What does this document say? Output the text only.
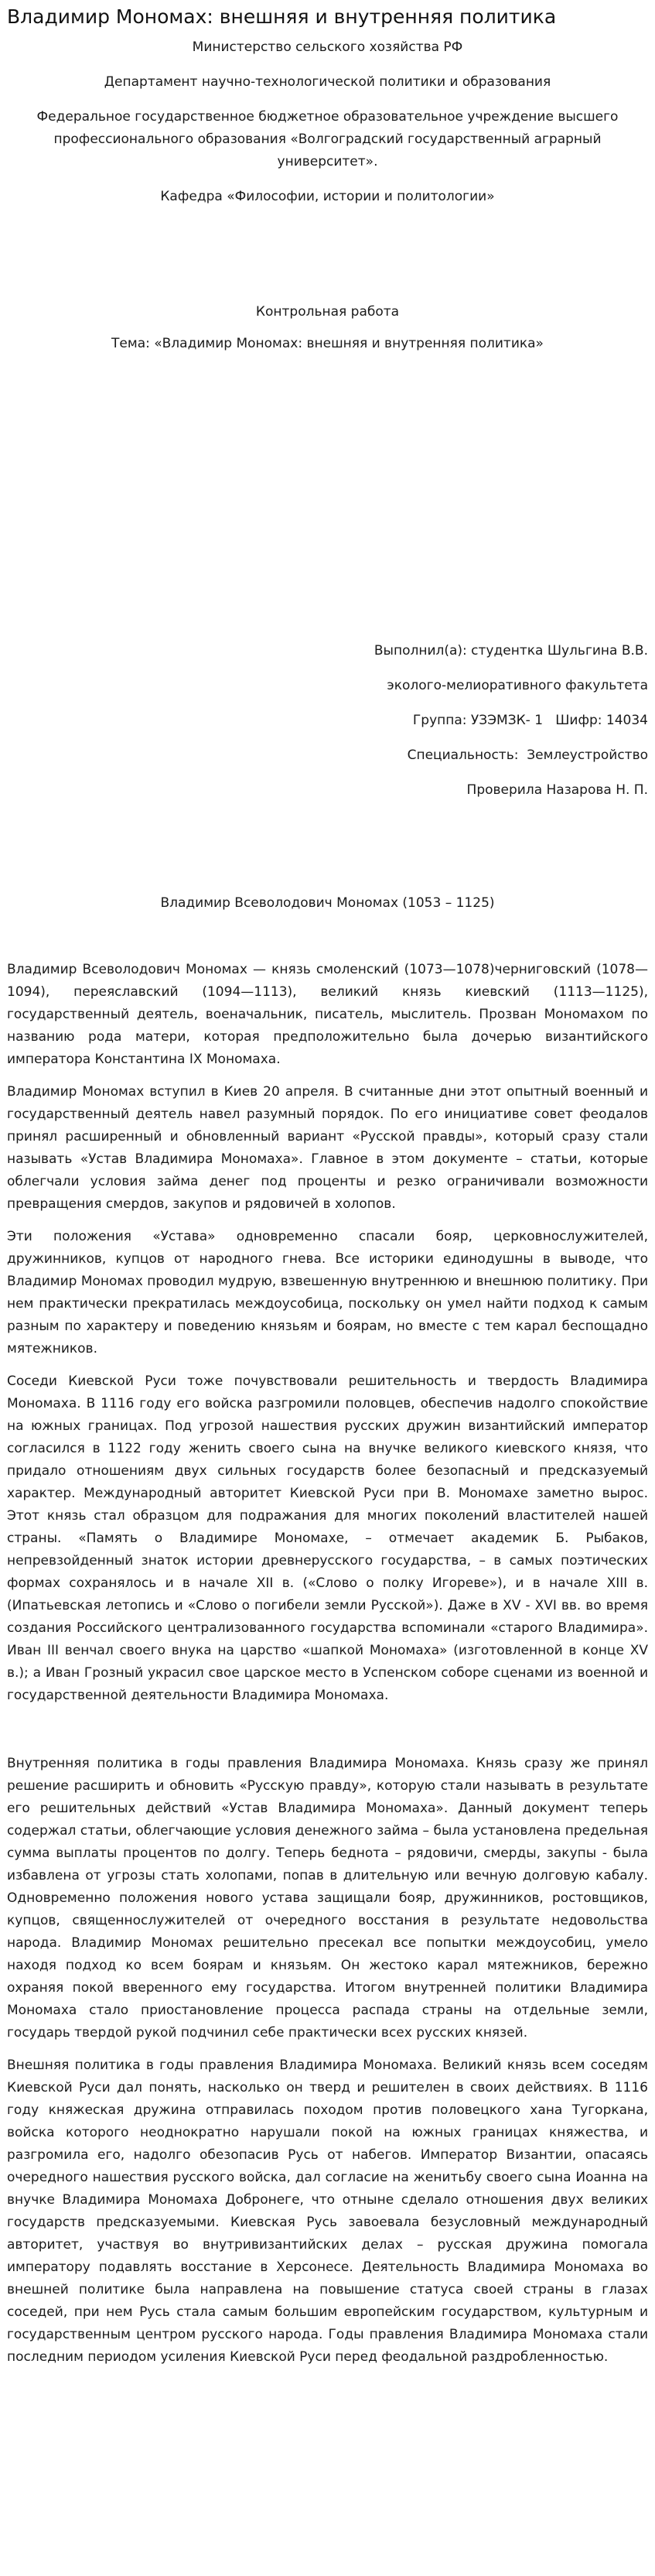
Владимир Мономах: внешняя и внутренняя политика

Министерство сельского хозяйства РФ

Департамент научно-технологической политики и образования

Федеральное государственное бюджетное образовательное учреждение высшего профессионального образования «Волгоградский государственный аграрный университет».

Кафедра «Философии, истории и политологии»

Контрольная работа

Тема: «Владимир Мономах: внешняя и внутренняя политика»

Выполнил(а): студентка Шульгина В.В.

эколого-мелиоративного факультета

Группа: УЗЭМЗК- 1   Шифр: 14034

Специальность:  Землеустройство

Проверила Назарова Н. П.

Владимир Всеволодович Мономах (1053 – 1125)

Владимир Всеволодович Мономах — князь смоленский (1073—1078)черниговский (1078—1094), переяславский (1094—1113), великий князь киевский (1113—1125), государственный деятель, военачальник, писатель, мыслитель. Прозван Мономахом по названию рода матери, которая предположительно была дочерью византийского императора Константина IX Мономаха.

Владимир Мономах вступил в Киев 20 апреля. В считанные дни этот опытный военный и государственный деятель навел разумный порядок. По его инициативе совет феодалов принял расширенный и обновленный вариант «Русской правды», который сразу стали называть «Устав Владимира Мономаха». Главное в этом документе – статьи, которые облегчали условия займа денег под проценты и резко ограничивали возможности превращения смердов, закупов и рядовичей в холопов.

Эти положения «Устава» одновременно спасали бояр, церковнослужителей, дружинников, купцов от народного гнева. Все историки единодушны в выводе, что Владимир Мономах проводил мудрую, взвешенную внутреннюю и внешнюю политику. При нем практически прекратилась междоусобица, поскольку он умел найти подход к самым разным по характеру и поведению князьям и боярам, но вместе с тем карал беспощадно мятежников.

Соседи Киевской Руси тоже почувствовали решительность и твердость Владимира Мономаха. В 1116 году его войска разгромили половцев, обеспечив надолго спокойствие на южных границах. Под угрозой нашествия русских дружин византийский император согласился в 1122 году женить своего сына на внучке великого киевского князя, что придало отношениям двух сильных государств более безопасный и предсказуемый характер. Международный авторитет Киевской Руси при В. Мономахе заметно вырос. Этот князь стал образцом для подражания для многих поколений властителей нашей страны. «Память о Владимире Мономахе, – отмечает академик Б. Рыбаков, непревзойденный знаток истории древнерусского государства, – в самых поэтических формах сохранялось и в начале XII в. («Слово о полку Игореве»), и в начале XIII в. (Ипатьевская летопись и «Слово о погибели земли Русской»). Даже в XV - XVI вв. во время создания Российского централизованного государства вспоминали «старого Владимира». Иван III венчал своего внука на царство «шапкой Мономаха» (изготовленной в конце XV в.); а Иван Грозный украсил свое царское место в Успенском соборе сценами из военной и государственной деятельности Владимира Мономаха.

Внутренняя политика в годы правления Владимира Мономаха. Князь сразу же принял решение расширить и обновить «Русскую правду», которую стали называть в результате его решительных действий «Устав Владимира Мономаха». Данный документ теперь содержал статьи, облегчающие условия денежного займа – была установлена предельная сумма выплаты процентов по долгу. Теперь беднота – рядовичи, смерды, закупы - была избавлена от угрозы стать холопами, попав в длительную или вечную долговую кабалу. Одновременно положения нового устава защищали бояр, дружинников, ростовщиков, купцов, священнослужителей от очередного восстания в результате недовольства народа. Владимир Мономах решительно пресекал все попытки междоусобиц, умело находя подход ко всем боярам и князьям. Он жестоко карал мятежников, бережно охраняя покой вверенного ему государства. Итогом внутренней политики Владимира Мономаха стало приостановление процесса распада страны на отдельные земли, государь твердой рукой подчинил себе практически всех русских князей.

Внешняя политика в годы правления Владимира Мономаха. Великий князь всем соседям Киевской Руси дал понять, насколько он тверд и решителен в своих действиях. В 1116 году княжеская дружина отправилась походом против половецкого хана Тугоркана, войска которого неоднократно нарушали покой на южных границах княжества, и разгромила его, надолго обезопасив Русь от набегов. Император Византии, опасаясь очередного нашествия русского войска, дал согласие на женитьбу своего сына Иоанна на внучке Владимира Мономаха Добронеге, что отныне сделало отношения двух великих государств предсказуемыми. Киевская Русь завоевала безусловный международный авторитет, участвуя во внутривизантийских делах – русская дружина помогала императору подавлять восстание в Херсонесе. Деятельность Владимира Мономаха во внешней политике была направлена на повышение статуса своей страны в глазах соседей, при нем Русь стала самым большим европейским государством, культурным и государственным центром русского народа. Годы правления Владимира Мономаха стали последним периодом усиления Киевской Руси перед феодальной раздробленностью.
